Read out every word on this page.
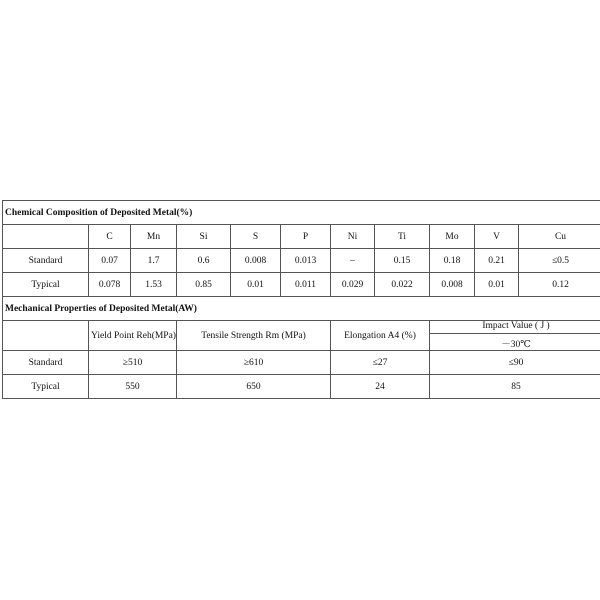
Chemical Composition of Deposited Metal(%)											
	C	Mn	Si	S	P	Ni	Ti	Mo	V	Cu	
Standard	0.07	1.7	0.6	0.008	0.013	–	0.15	0.18	0.21	≤0.5	
Typical	0.078	1.53	0.85	0.01	0.011	0.029	0.022	0.008	0.01	0.12	
Mechanical Properties of Deposited Metal(AW)											
	Yield Point Reh(MPa)		Tensile Strength Rm (MPa)			Elongation A4 (%)		Impact Value ( J )
－30℃

Standard	≥510		≥610			≤27		≤90	
Typical	550		650			24		85			
